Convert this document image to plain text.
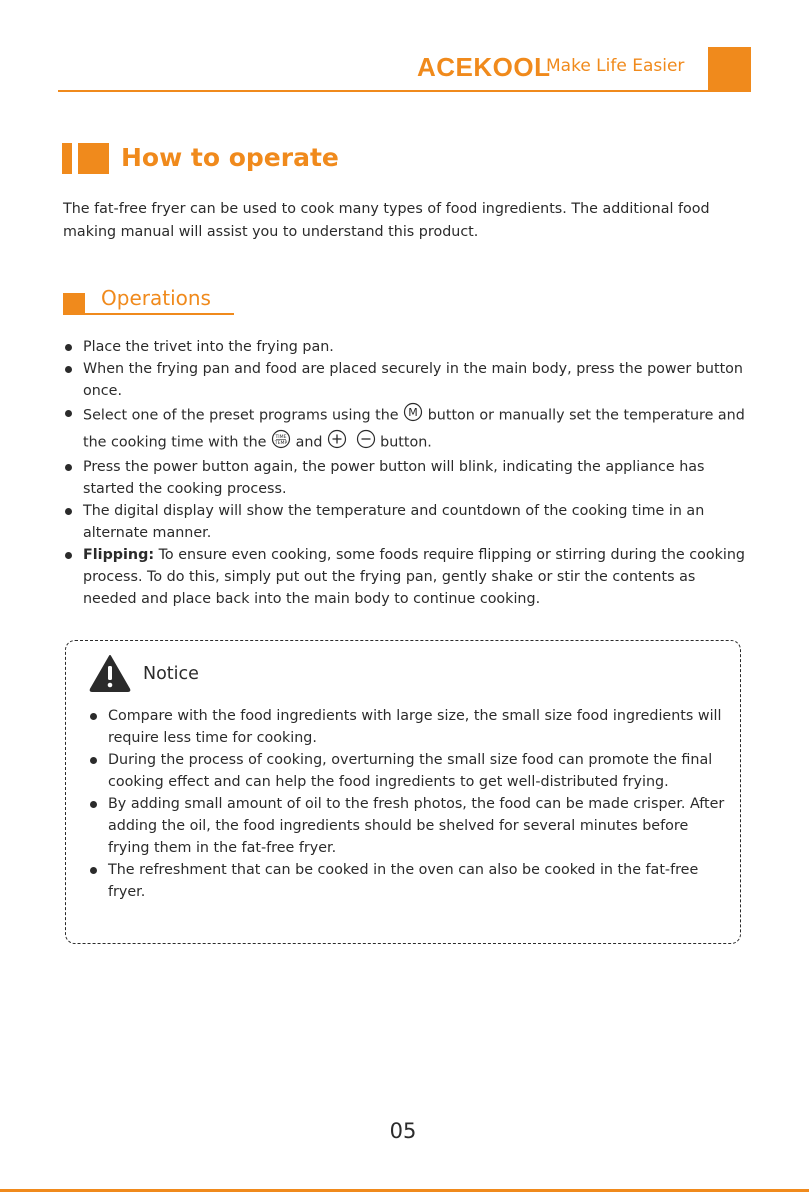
ACEKOOL
Make Life Easier
How to operate
The fat-free fryer can be used to cook many types of food ingredients. The additional food making manual will assist you to understand this product.
Operations
Place the trivet into the frying pan.
When the frying pan and food are placed securely in the main body, press the power button once.
Select one of the preset programs using the M button or manually set the temperature and the cooking time with the TIME
TEMP and	button.
Press the power button again, the power button will blink, indicating the appliance has started the cooking process.
The digital display will show the temperature and countdown of the cooking time in an alternate manner.
Flipping: To ensure even cooking, some foods require flipping or stirring during the cooking process. To do this, simply put out the frying pan, gently shake or stir the contents as needed and place back into the main body to continue cooking.
Notice
Compare with the food ingredients with large size, the small size food ingredients will require less time for cooking.
During the process of cooking, overturning the small size food can promote the final cooking effect and can help the food ingredients to get well-distributed frying.
By adding small amount of oil to the fresh photos, the food can be made crisper. After adding the oil, the food ingredients should be shelved for several minutes before frying them in the fat-free fryer.
The refreshment that can be cooked in the oven can also be cooked in the fat-free fryer.
05
